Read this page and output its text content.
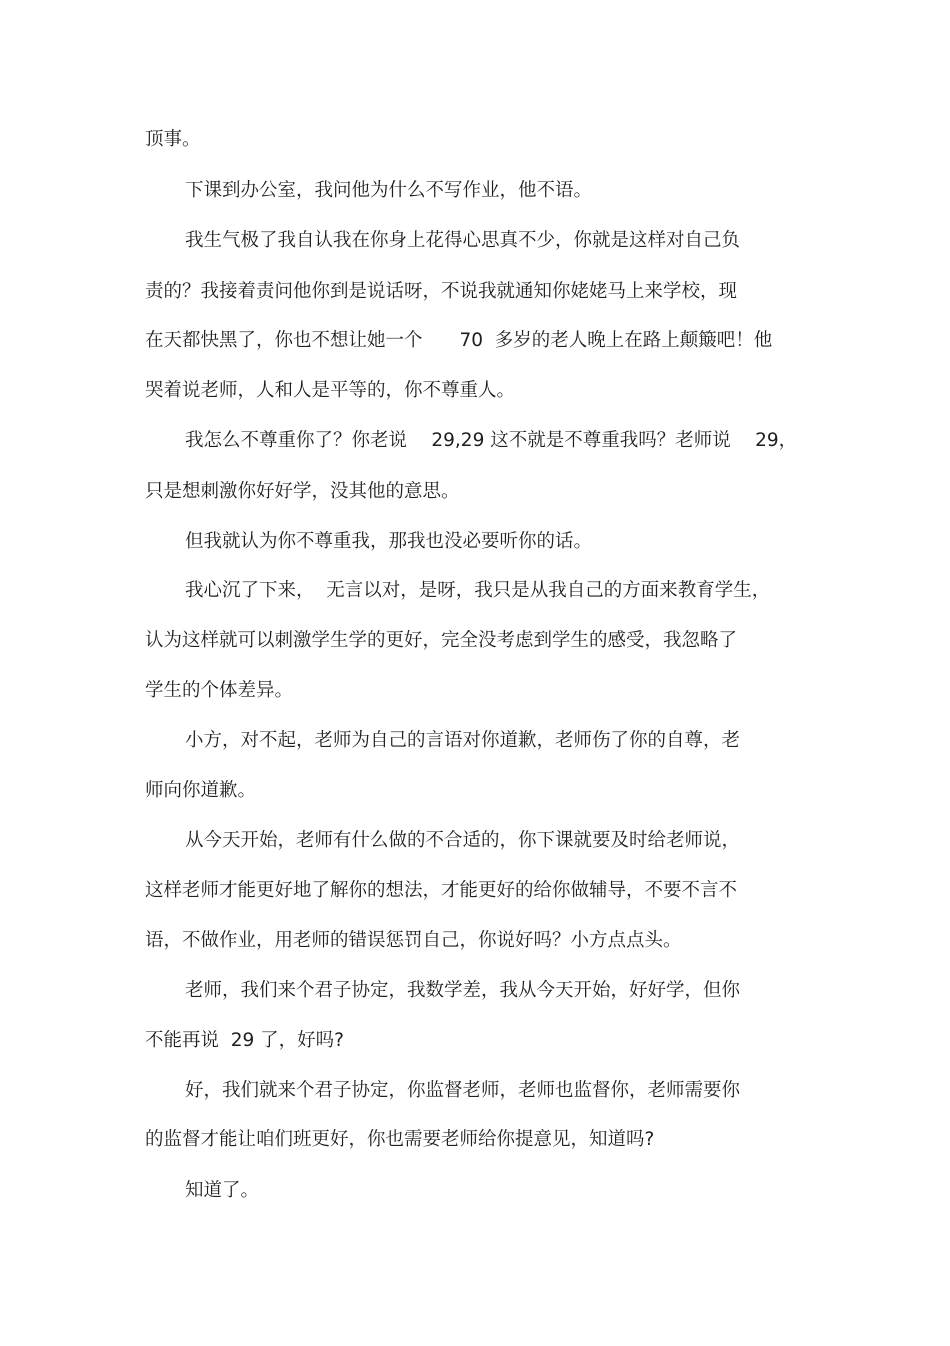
顶事。
下课到办公室，我问他为什么不写作业，他不语。
我生气极了我自认我在你身上花得心思真不少，你就是这样对自己负
责的？我接着责问他你到是说话呀，不说我就通知你姥姥马上来学校，现
在天都快黑了，你也不想让她一个　　70  多岁的老人晚上在路上颠簸吧！他
哭着说老师，人和人是平等的，你不尊重人。
我怎么不尊重你了？你老说　 29,29 这不就是不尊重我吗？老师说　 29，
只是想刺激你好好学，没其他的意思。
但我就认为你不尊重我，那我也没必要听你的话。
我心沉了下来，  无言以对，是呀，我只是从我自己的方面来教育学生，
认为这样就可以刺激学生学的更好，完全没考虑到学生的感受，我忽略了
学生的个体差异。
小方，对不起，老师为自己的言语对你道歉，老师伤了你的自尊，老
师向你道歉。
从今天开始，老师有什么做的不合适的，你下课就要及时给老师说，
这样老师才能更好地了解你的想法，才能更好的给你做辅导，不要不言不
语，不做作业，用老师的错误惩罚自己，你说好吗？小方点点头。
老师，我们来个君子协定，我数学差，我从今天开始，好好学，但你
不能再说  29 了，好吗?
好，我们就来个君子协定，你监督老师，老师也监督你，老师需要你
的监督才能让咱们班更好，你也需要老师给你提意见，知道吗?
知道了。
